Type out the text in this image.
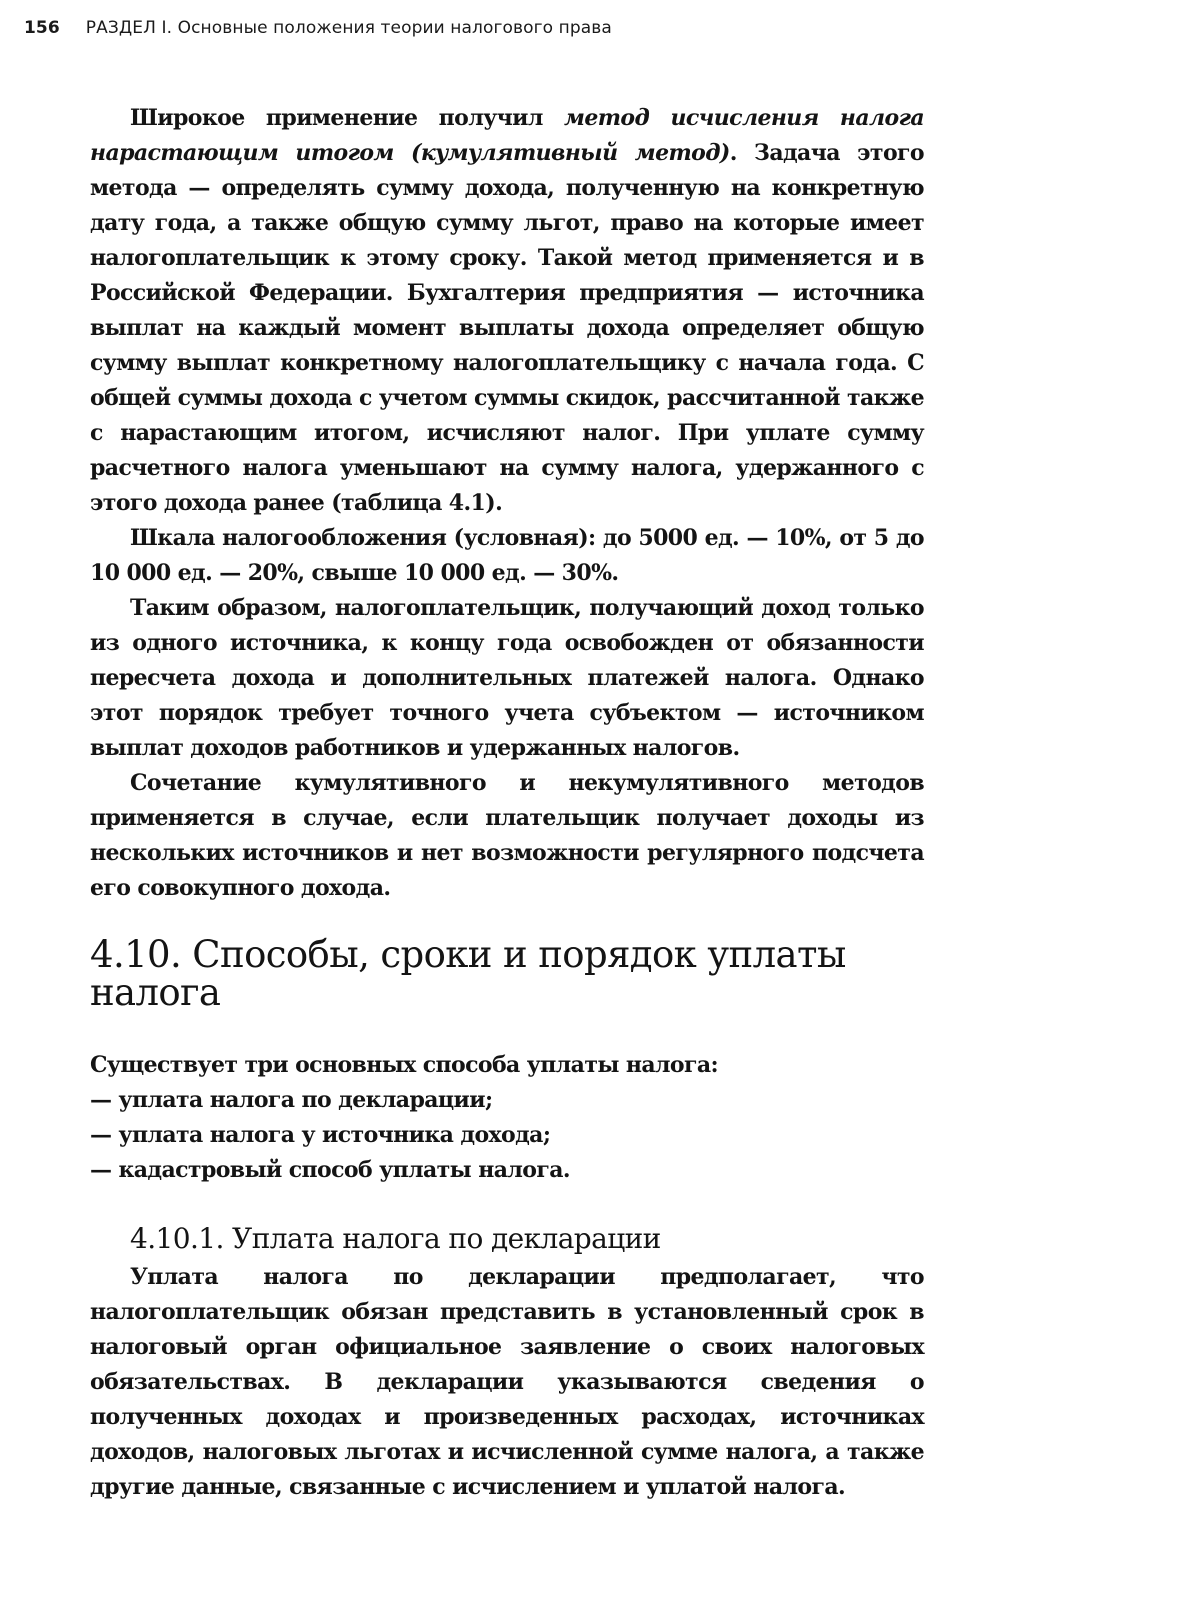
156 РАЗДЕЛ I. Основные положения теории налогового права

Широкое применение получил метод исчисления налога нарастающим итогом (кумулятивный метод). Задача этого метода — определять сумму дохода, полученную на конкретную дату года, а также общую сумму льгот, право на которые имеет налогоплательщик к этому сроку. Такой метод применяется и в Российской Федерации. Бухгалтерия предприятия — источника выплат на каждый момент выплаты дохода определяет общую сумму выплат конкретному налогоплательщику с начала года. С общей суммы дохода с учетом суммы скидок, рассчитанной также с нарастающим итогом, исчисляют налог. При уплате сумму расчетного налога уменьшают на сумму налога, удержанного с этого дохода ранее (таблица 4.1).

Шкала налогообложения (условная): до 5000 ед. — 10%, от 5 до 10 000 ед. — 20%, свыше 10 000 ед. — 30%.

Таким образом, налогоплательщик, получающий доход только из одного источника, к концу года освобожден от обязанности пересчета дохода и дополнительных платежей налога. Однако этот порядок требует точного учета субъектом — источником выплат доходов работников и удержанных налогов.

Сочетание кумулятивного и некумулятивного методов применяется в случае, если плательщик получает доходы из нескольких источников и нет возможности регулярного подсчета его совокупного дохода.

4.10. Способы, сроки и порядок уплаты налога

Существует три основных способа уплаты налога:

— уплата налога по декларации;

— уплата налога у источника дохода;

— кадастровый способ уплаты налога.

4.10.1. Уплата налога по декларации

Уплата налога по декларации предполагает, что налогоплательщик обязан представить в установленный срок в налоговый орган официальное заявление о своих налоговых обязательствах. В декларации указываются сведения о полученных доходах и произведенных расходах, источниках доходов, налоговых льготах и исчисленной сумме налога, а также другие данные, связанные с исчислением и уплатой налога.
